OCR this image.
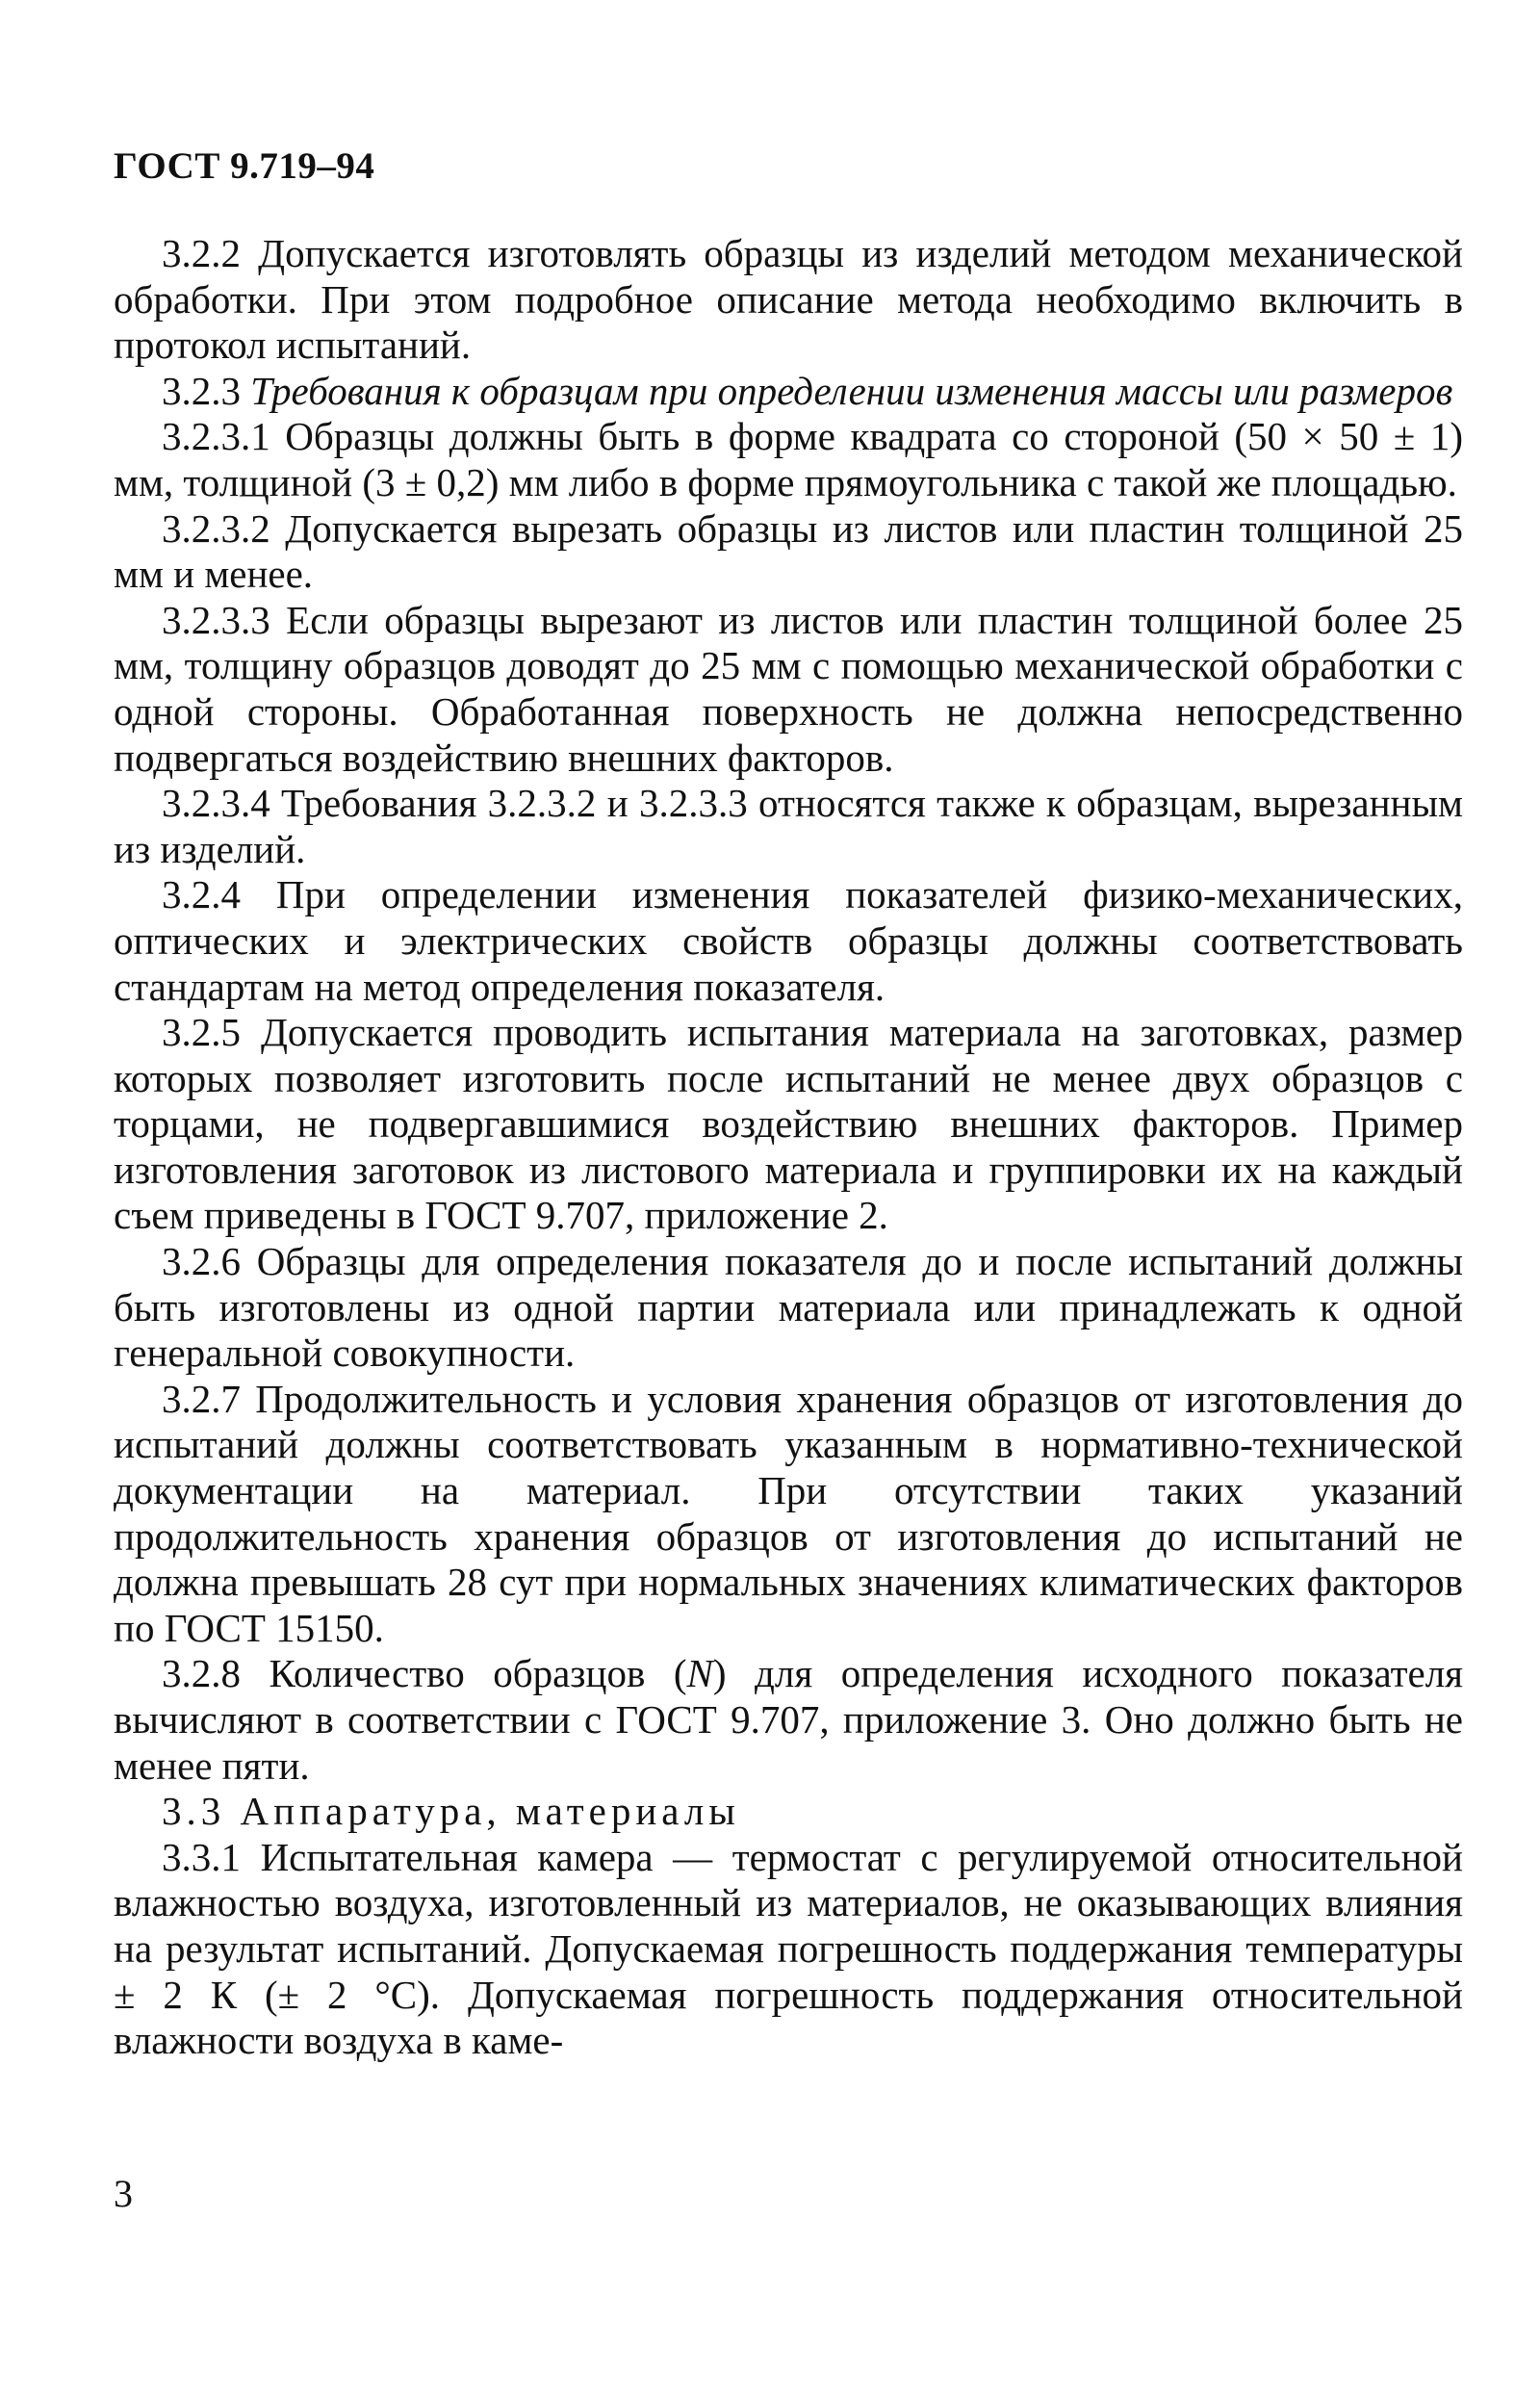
ГОСТ 9.719–94

3.2.2 Допускается изготовлять образцы из изделий методом механической обработки. При этом подробное описание метода необходимо включить в протокол испытаний.

3.2.3 Требования к образцам при определении изменения массы или размеров

3.2.3.1 Образцы должны быть в форме квадрата со стороной (50 × 50 ± 1) мм, толщиной (3 ± 0,2) мм либо в форме прямоугольника с такой же площадью.

3.2.3.2 Допускается вырезать образцы из листов или пластин толщиной 25 мм и менее.

3.2.3.3 Если образцы вырезают из листов или пластин толщиной более 25 мм, толщину образцов доводят до 25 мм с помощью механической обработки с одной стороны. Обработанная поверхность не должна непосредственно подвергаться воздействию внешних факторов.

3.2.3.4 Требования 3.2.3.2 и 3.2.3.3 относятся также к образцам, вырезанным из изделий.

3.2.4 При определении изменения показателей физико-механических, оптических и электрических свойств образцы должны соответствовать стандартам на метод определения показателя.

3.2.5 Допускается проводить испытания материала на заготовках, размер которых позволяет изготовить после испытаний не менее двух образцов с торцами, не подвергавшимися воздействию внешних факторов. Пример изготовления заготовок из листового материала и группировки их на каждый съем приведены в ГОСТ 9.707, приложение 2.

3.2.6 Образцы для определения показателя до и после испытаний должны быть изготовлены из одной партии материала или принадлежать к одной генеральной совокупности.

3.2.7 Продолжительность и условия хранения образцов от изготовления до испытаний должны соответствовать указанным в нормативно-технической документации на материал. При отсутствии таких указаний продолжительность хранения образцов от изготовления до испытаний не должна превышать 28 сут при нормальных значениях климатических факторов по ГОСТ 15150.

3.2.8 Количество образцов (N) для определения исходного показателя вычисляют в соответствии с ГОСТ 9.707, приложение 3. Оно должно быть не менее пяти.

3.3 Аппаратура, материалы

3.3.1 Испытательная камера — термостат с регулируемой относительной влажностью воздуха, изготовленный из материалов, не оказывающих влияния на результат испытаний. Допускаемая погрешность поддержания температуры ± 2 К (± 2 °С). Допускаемая погрешность поддержания относительной влажности воздуха в каме-

3
